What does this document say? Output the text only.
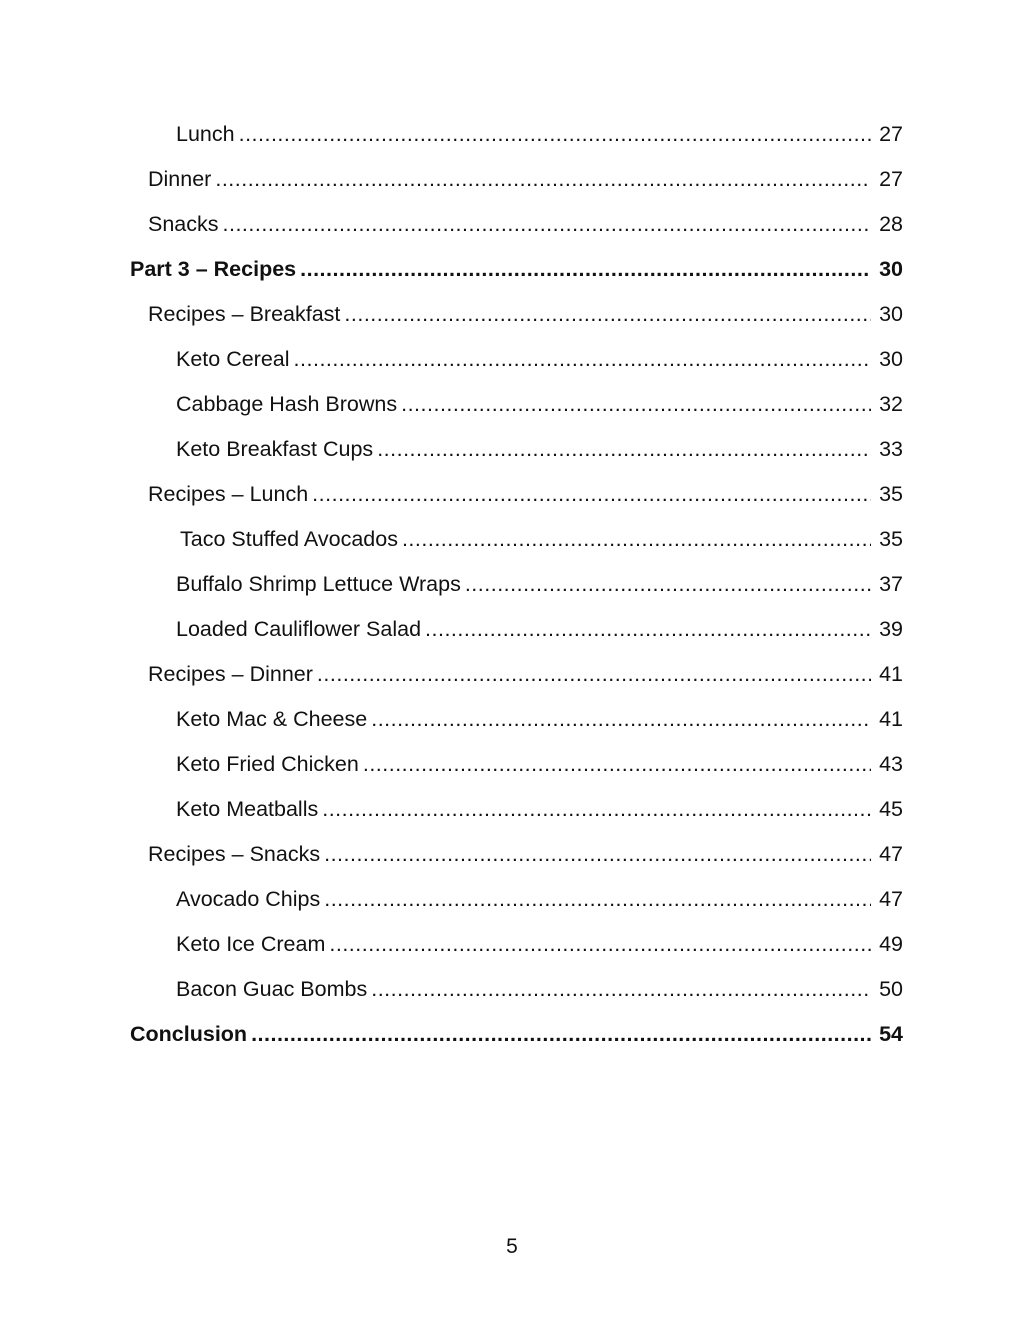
Lunch .....	27
Dinner .....	27
Snacks .....	28
Part 3 – Recipes .....	30
Recipes – Breakfast .....	30
Keto Cereal .....	30
Cabbage Hash Browns .....	32
Keto Breakfast Cups .....	33
Recipes – Lunch .....	35
Taco Stuffed Avocados .....	35
Buffalo Shrimp Lettuce Wraps .....	37
Loaded Cauliflower Salad .....	39
Recipes – Dinner .....	41
Keto Mac & Cheese .....	41
Keto Fried Chicken .....	43
Keto Meatballs .....	45
Recipes – Snacks .....	47
Avocado Chips .....	47
Keto Ice Cream .....	49
Bacon Guac Bombs .....	50
Conclusion .....	54
5
